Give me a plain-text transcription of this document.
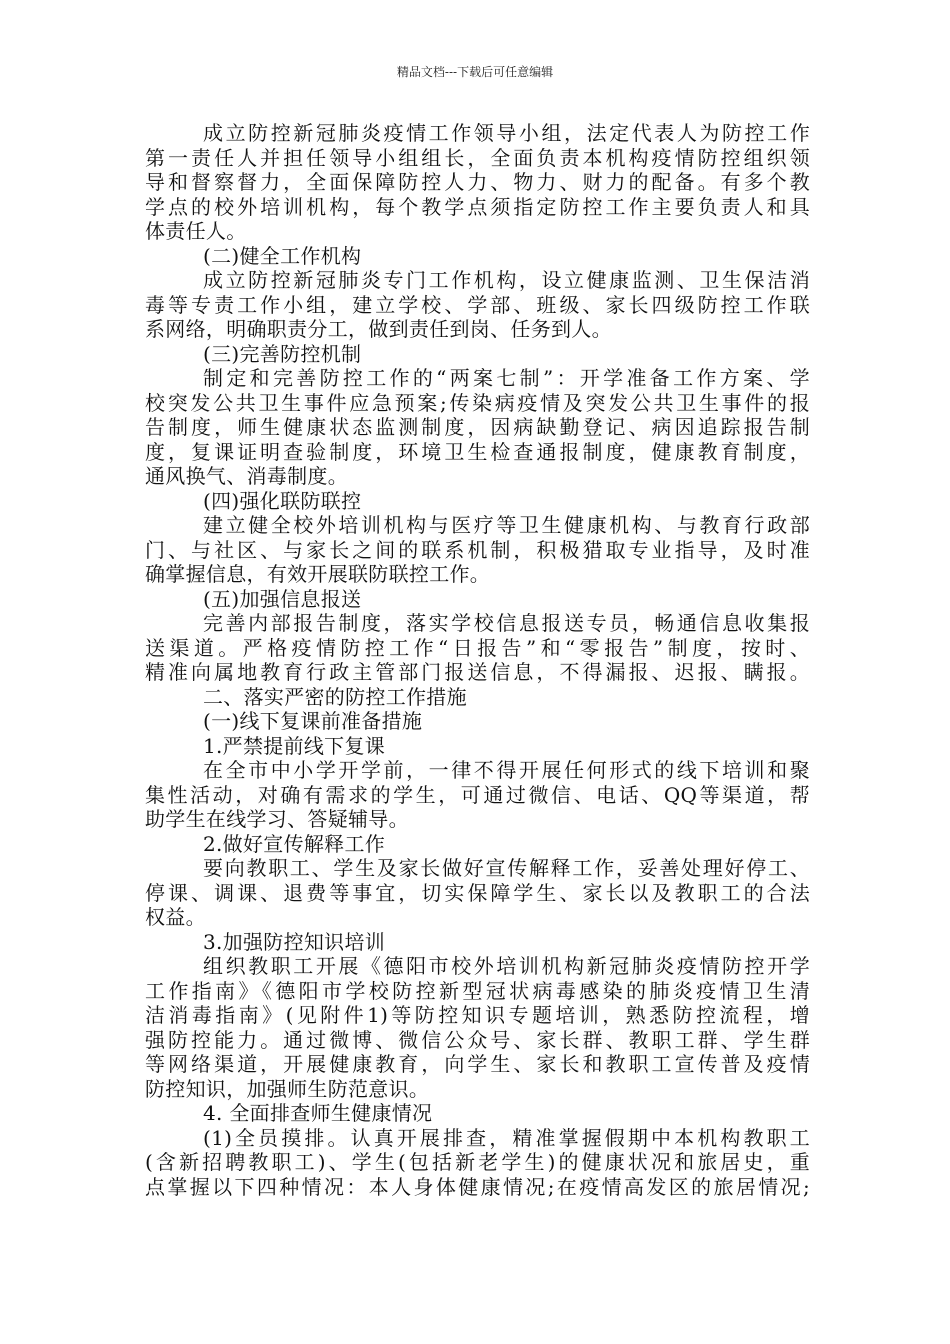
精品文档---下载后可任意编辑
成立防控新冠肺炎疫情工作领导小组，法定代表人为防控工作
第一责任人并担任领导小组组长，全面负责本机构疫情防控组织领
导和督察督力，全面保障防控人力、物力、财力的配备。有多个教
学点的校外培训机构，每个教学点须指定防控工作主要负责人和具
体责任人。
(二)健全工作机构
成立防控新冠肺炎专门工作机构，设立健康监测、卫生保洁消
毒等专责工作小组，建立学校、学部、班级、家长四级防控工作联
系网络，明确职责分工，做到责任到岗、任务到人。
(三)完善防控机制
制定和完善防控工作的“两案七制”：开学准备工作方案、学
校突发公共卫生事件应急预案;传染病疫情及突发公共卫生事件的报
告制度，师生健康状态监测制度，因病缺勤登记、病因追踪报告制
度，复课证明查验制度，环境卫生检查通报制度，健康教育制度，
通风换气、消毒制度。
(四)强化联防联控
建立健全校外培训机构与医疗等卫生健康机构、与教育行政部
门、与社区、与家长之间的联系机制，积极猎取专业指导，及时准
确掌握信息，有效开展联防联控工作。
(五)加强信息报送
完善内部报告制度，落实学校信息报送专员，畅通信息收集报
送渠道。严格疫情防控工作“日报告”和“零报告”制度，按时、
精准向属地教育行政主管部门报送信息，不得漏报、迟报、瞒报。
二、落实严密的防控工作措施
(一)线下复课前准备措施
1.严禁提前线下复课
在全市中小学开学前，一律不得开展任何形式的线下培训和聚
集性活动，对确有需求的学生，可通过微信、电话、QQ等渠道，帮
助学生在线学习、答疑辅导。
2.做好宣传解释工作
要向教职工、学生及家长做好宣传解释工作，妥善处理好停工、
停课、调课、退费等事宜，切实保障学生、家长以及教职工的合法
权益。
3.加强防控知识培训
组织教职工开展《德阳市校外培训机构新冠肺炎疫情防控开学
工作指南》《德阳市学校防控新型冠状病毒感染的肺炎疫情卫生清
洁消毒指南》(见附件1)等防控知识专题培训，熟悉防控流程，增
强防控能力。通过微博、微信公众号、家长群、教职工群、学生群
等网络渠道，开展健康教育，向学生、家长和教职工宣传普及疫情
防控知识，加强师生防范意识。
4. 全面排查师生健康情况
(1)全员摸排。认真开展排查，精准掌握假期中本机构教职工
(含新招聘教职工)、学生(包括新老学生)的健康状况和旅居史，重
点掌握以下四种情况：本人身体健康情况;在疫情高发区的旅居情况;
